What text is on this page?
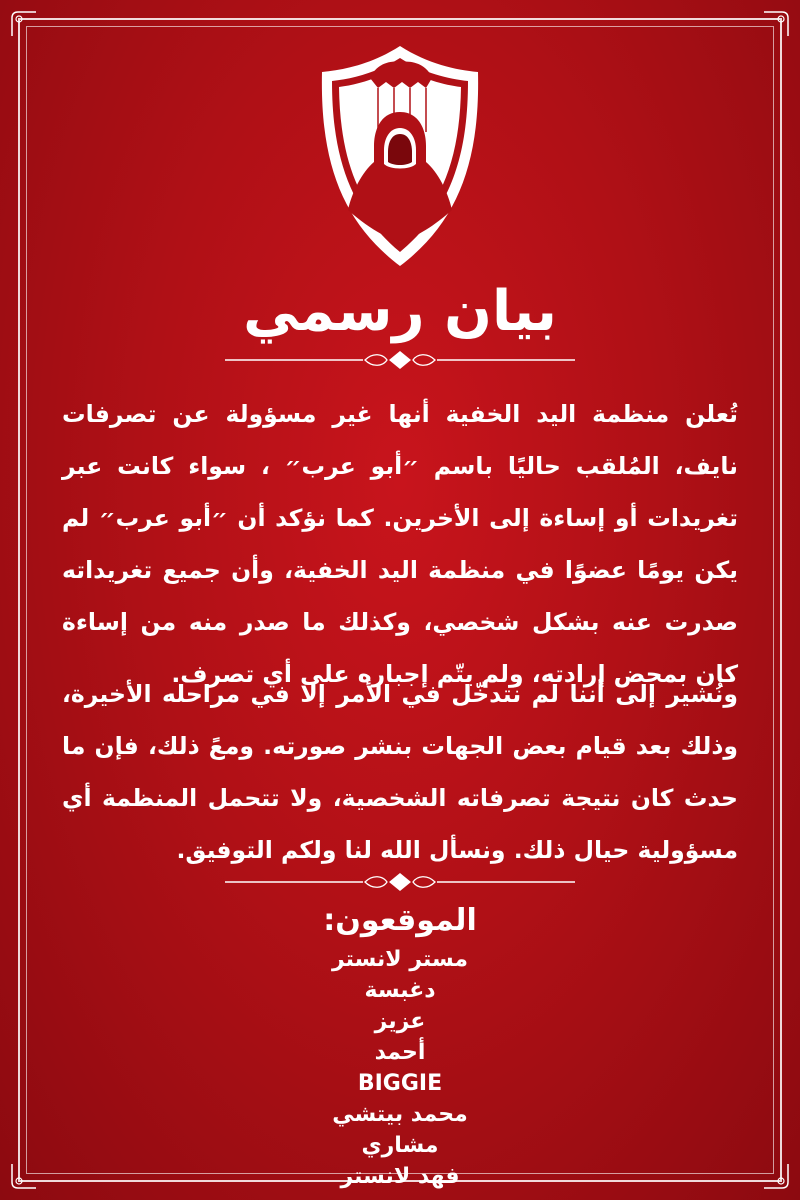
بيان رسمي
تُعلن منظمة اليد الخفية أنها غير مسؤولة عن تصرفات نايف، المُلقب حاليًا باسم ״أبو عرب״ ، سواء كانت عبر تغريدات أو إساءة إلى الأخرين. كما نؤكد أن ״أبو عرب״ لم يكن يومًا عضوًا في منظمة اليد الخفية، وأن جميع تغريداته صدرت عنه بشكل شخصي، وكذلك ما صدر منه من إساءة كان بمحض إرادته، ولم يتّم إجباره على أي تصرف.
ونُشير إلى أننا لم نتدخّل في الأمر إلا في مراحله الأخيرة، وذلك بعد قيام بعض الجهات بنشر صورته. ومعً ذلك، فإن ما حدث كان نتيجة تصرفاته الشخصية، ولا تتحمل المنظمة أي مسؤولية حيال ذلك. ونسأل الله لنا ولكم التوفيق.
الموقعون:
مستر لانستر
دغبسة
عزيز
أحمد
BIGGIE
محمد بيتشي
مشاري
فهد لانستر
